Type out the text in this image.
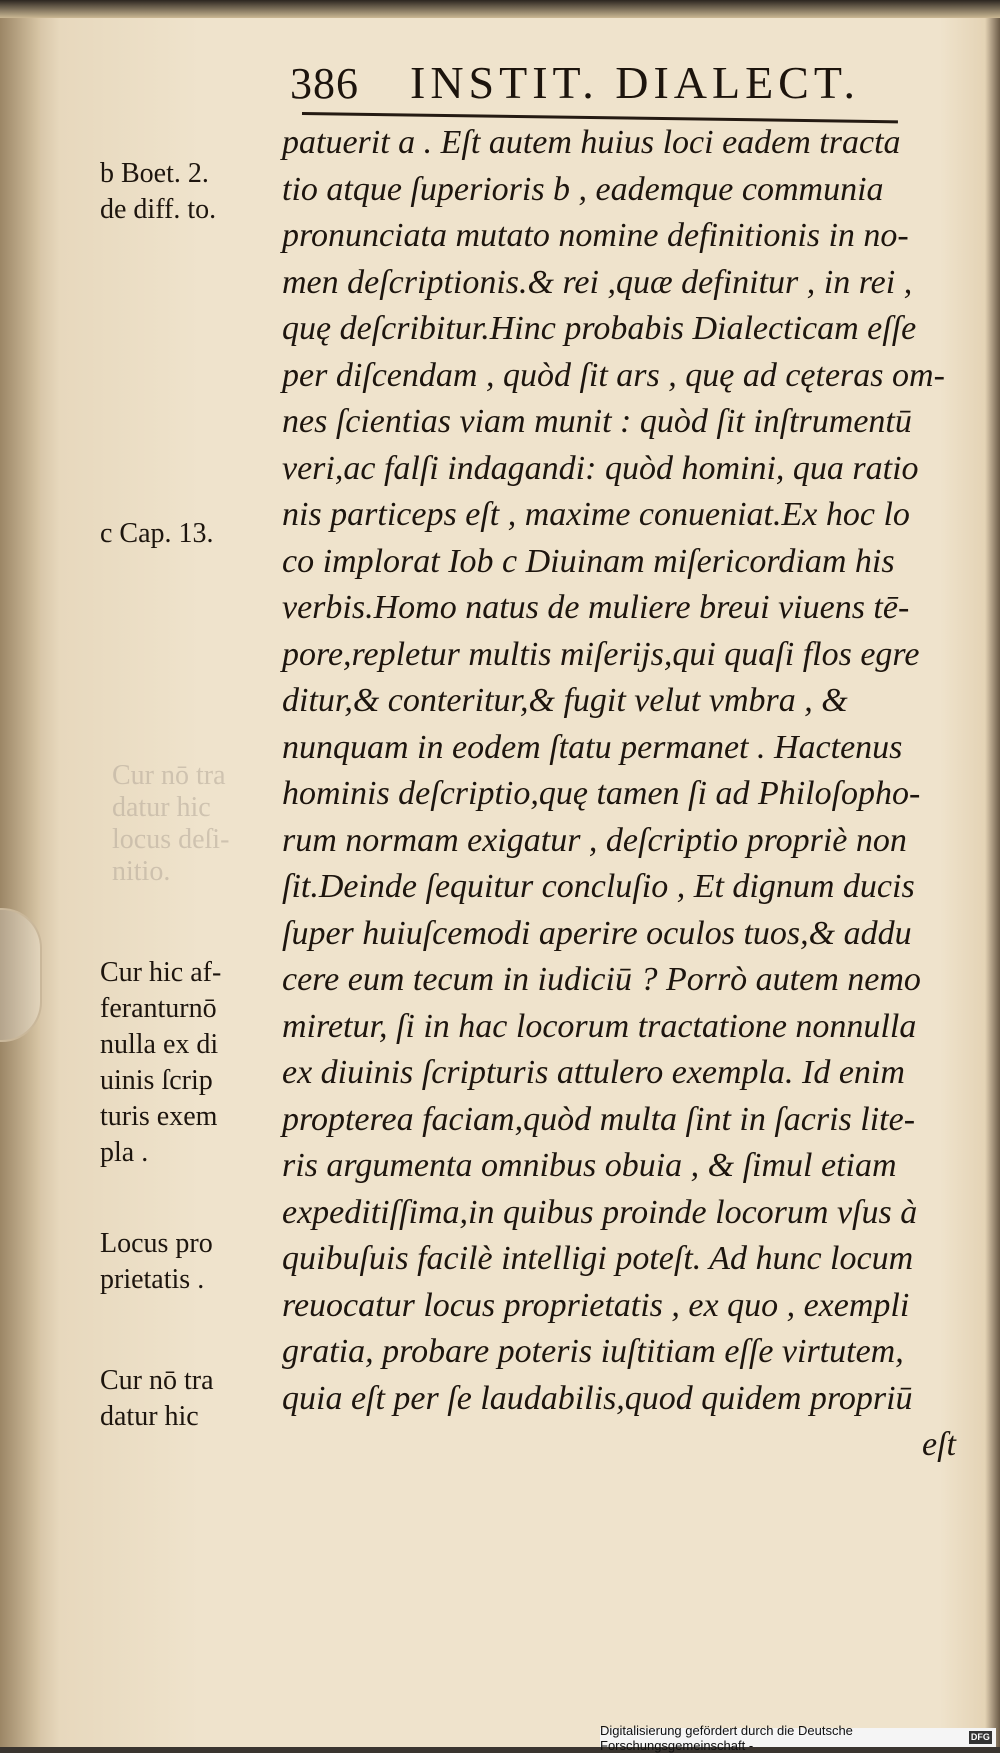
386 INSTIT. DIALECT.
Cur nō tra
datur hic
locus deſi-
nitio.
b Boet. 2.
de diff. to.
c Cap. 13.
Cur hic af-
feranturnō
nulla ex di
uinis ſcrip
turis exem
pla .
Locus pro
prietatis .
Cur nō tra
datur hic
patuerit a . Eſt autem huius loci eadem tracta
tio atque ſuperioris b , eademque communia
pronunciata mutato nomine definitionis in no-
men deſcriptionis.& rei ,quæ definitur , in rei ,
quę deſcribitur.Hinc probabis Dialecticam eſſe
per diſcendam , quòd ſit ars , quę ad cęteras om-
nes ſcientias viam munit : quòd ſit inſtrumentū
veri,ac falſi indagandi: quòd homini, qua ratio
nis particeps eſt , maxime conueniat.Ex hoc lo
co implorat Iob c Diuinam miſericordiam his
verbis.Homo natus de muliere breui viuens tē-
pore,repletur multis miſerijs,qui quaſi flos egre
ditur,& conteritur,& fugit velut vmbra , &
nunquam in eodem ſtatu permanet . Hactenus
hominis deſcriptio,quę tamen ſi ad Philoſopho-
rum normam exigatur , deſcriptio propriè non
ſit.Deinde ſequitur concluſio , Et dignum ducis
ſuper huiuſcemodi aperire oculos tuos,& addu
cere eum tecum in iudiciū ? Porrò autem nemo
miretur, ſi in hac locorum tractatione nonnulla
ex diuinis ſcripturis attulero exempla. Id enim
propterea faciam,quòd multa ſint in ſacris lite-
ris argumenta omnibus obuia , & ſimul etiam
expeditiſſima,in quibus proinde locorum vſus à
quibuſuis facilè intelligi poteſt. Ad hunc locum
reuocatur locus proprietatis , ex quo , exempli
gratia, probare poteris iuſtitiam eſſe virtutem,
quia eſt per ſe laudabilis,quod quidem propriū
eſt
Digitalisierung gefördert durch die Deutsche Forschungsgemeinschaft -
DFG
